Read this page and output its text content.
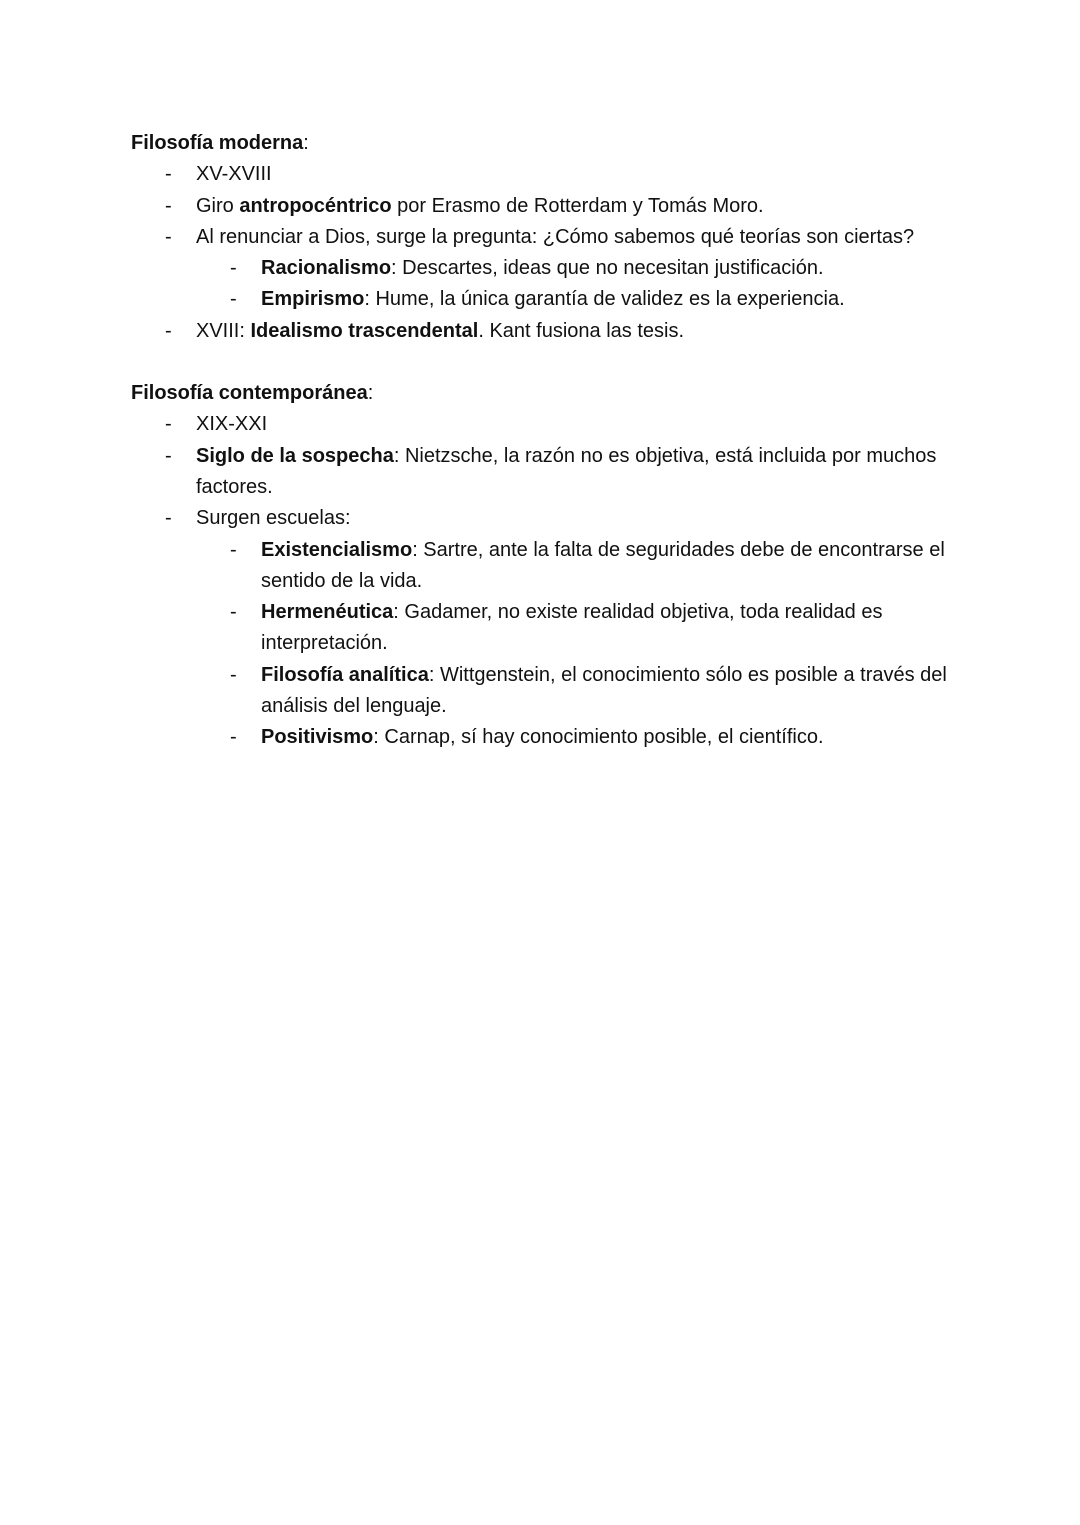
Filosofía moderna:
- XV-XVIII
- Giro antropocéntrico por Erasmo de Rotterdam y Tomás Moro.
- Al renunciar a Dios, surge la pregunta: ¿Cómo sabemos qué teorías son ciertas?
- Racionalismo: Descartes, ideas que no necesitan justificación.
- Empirismo: Hume, la única garantía de validez es la experiencia.
- XVIII: Idealismo trascendental. Kant fusiona las tesis.
Filosofía contemporánea:
- XIX-XXI
- Siglo de la sospecha: Nietzsche, la razón no es objetiva, está incluida por muchos factores.
- Surgen escuelas:
- Existencialismo: Sartre, ante la falta de seguridades debe de encontrarse el sentido de la vida.
- Hermenéutica: Gadamer, no existe realidad objetiva, toda realidad es interpretación.
- Filosofía analítica: Wittgenstein, el conocimiento sólo es posible a través del análisis del lenguaje.
- Positivismo: Carnap, sí hay conocimiento posible, el científico.
